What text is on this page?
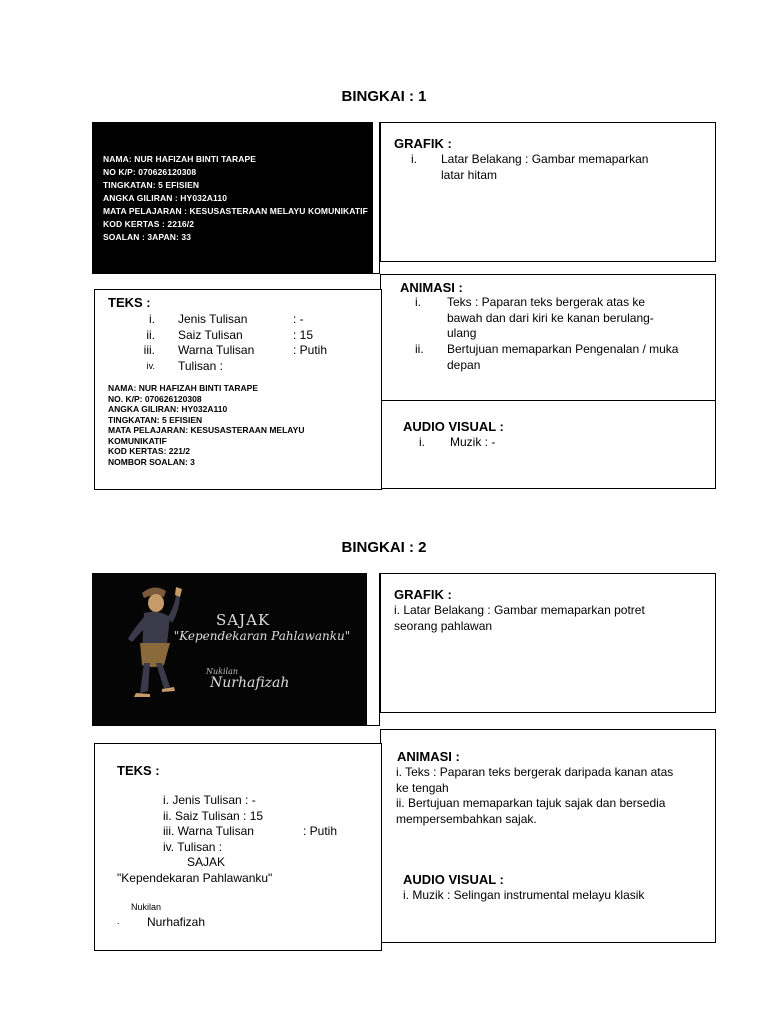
BINGKAI : 1
NAMA: NUR HAFIZAH BINTI TARAPE
NO K/P: 070626120308
TINGKATAN: 5 EFISIEN
ANGKA GILIRAN : HY032A110
MATA PELAJARAN : KESUSASTERAAN MELAYU KOMUNIKATIF
KOD KERTAS : 2216/2
SOALAN : 3APAN: 33
GRAFIK :
i.	Latar Belakang : Gambar memaparkan latar hitam
ANIMASI :
i.	Teks : Paparan teks bergerak atas ke bawah dan dari kiri ke kanan berulang-ulang
ii.	Bertujuan memaparkan Pengenalan / muka depan
AUDIO VISUAL :
i.	Muzik : -
TEKS :
i.	Jenis Tulisan	: -
ii.	Saiz Tulisan	: 15
iii.	Warna Tulisan	: Putih
iv.	Tulisan :
NAMA: NUR HAFIZAH BINTI TARAPE
NO. K/P: 070626120308
ANGKA GILIRAN: HY032A110
TINGKATAN: 5 EFISIEN
MATA PELAJARAN: KESUSASTERAAN MELAYU
KOMUNIKATIF
KOD KERTAS: 221/2
NOMBOR SOALAN: 3
BINGKAI : 2
SAJAK
"Kependekaran Pahlawanku"
Nukilan
Nurhafizah
GRAFIK :
i. Latar Belakang : Gambar memaparkan potret seorang pahlawan
ANIMASI :
i. Teks : Paparan teks bergerak daripada kanan atas ke tengah
ii. Bertujuan memaparkan tajuk sajak dan bersedia mempersembahkan sajak.
AUDIO VISUAL :
i. Muzik : Selingan instrumental melayu klasik
TEKS :
i. Jenis Tulisan : -
ii. Saiz Tulisan : 15
iii. Warna Tulisan	: Putih
iv. Tulisan :
SAJAK
"Kependekaran Pahlawanku"
Nukilan
. Nurhafizah
